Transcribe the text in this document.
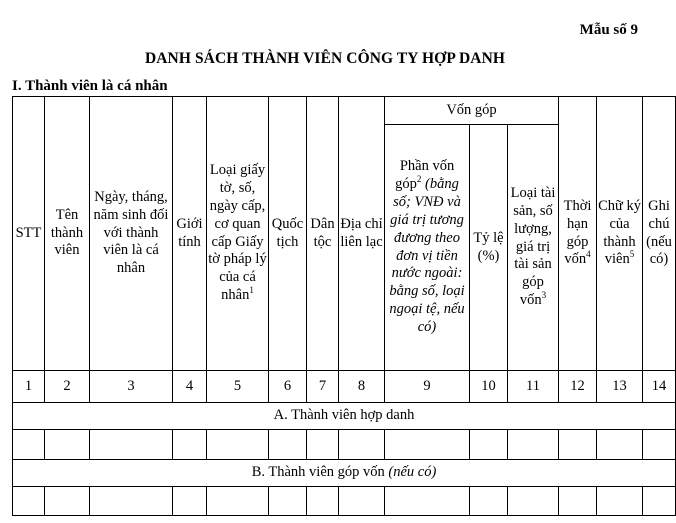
Mẫu số 9
DANH SÁCH THÀNH VIÊN CÔNG TY HỢP DANH
I. Thành viên là cá nhân
STT	Tên thành viên	Ngày, tháng, năm sinh đối với thành viên là cá nhân	Giới tính	Loại giấy tờ, số, ngày cấp, cơ quan cấp Giấy tờ pháp lý của cá nhân$^1$	Quốc tịch	Dân tộc	Địa chỉ liên lạc	Vốn góp			Thời hạn góp vốn$^4$	Chữ ký của thành viên$^5$	Ghi chú (nếu có)

								Phần vốn góp$^2$ (bằng số; VNĐ và giá trị tương đương theo đơn vị tiền nước ngoài: bằng số, loại ngoại tệ, nếu có)	Tỷ lệ (%)	Loại tài sản, số lượng, giá trị tài sản góp vốn$^3$

1	2	3	4	5	6	7	8	9	10	11	12	13	14
A. Thành viên hợp danh													

B. Thành viên góp vốn (nếu có)													
